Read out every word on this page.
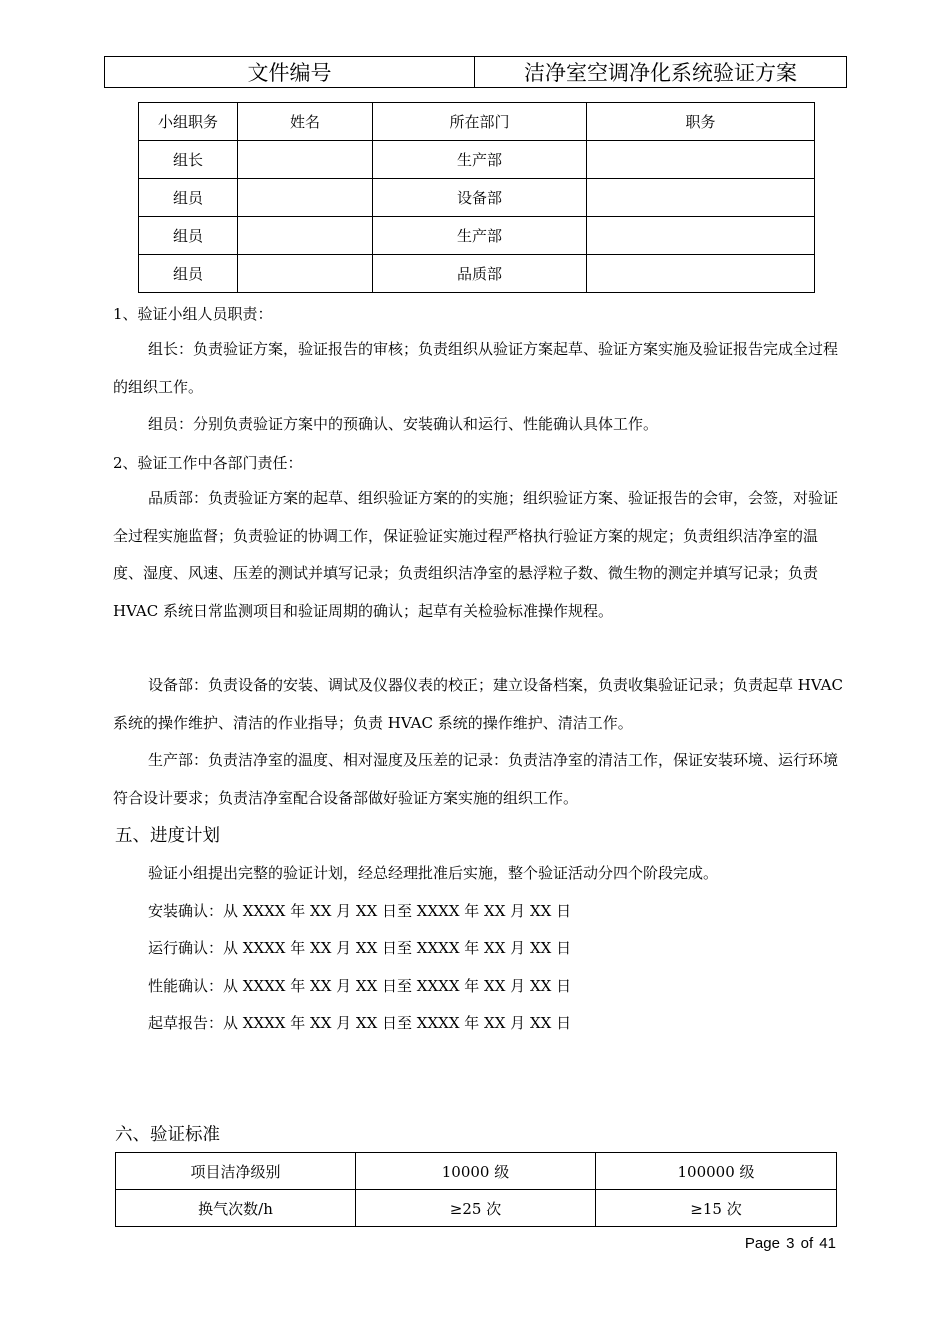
文件编号	洁净室空调净化系统验证方案
小组职务	姓名	所在部门	职务
组长		生产部	
组员		设备部	
组员		生产部	
组员		品质部	
1、验证小组人员职责：
组长：负责验证方案，验证报告的审核；负责组织从验证方案起草、验证方案实施及验证报告完成全过程的组织工作。
组员：分别负责验证方案中的预确认、安装确认和运行、性能确认具体工作。
2、验证工作中各部门责任：
品质部：负责验证方案的起草、组织验证方案的的实施；组织验证方案、验证报告的会审，会签，对验证全过程实施监督；负责验证的协调工作，保证验证实施过程严格执行验证方案的规定；负责组织洁净室的温度、湿度、风速、压差的测试并填写记录；负责组织洁净室的悬浮粒子数、微生物的测定并填写记录；负责 HVAC 系统日常监测项目和验证周期的确认；起草有关检验标准操作规程。
设备部：负责设备的安装、调试及仪器仪表的校正；建立设备档案，负责收集验证记录；负责起草 HVAC 系统的操作维护、清洁的作业指导；负责 HVAC 系统的操作维护、清洁工作。
生产部：负责洁净室的温度、相对湿度及压差的记录：负责洁净室的清洁工作，保证安装环境、运行环境符合设计要求；负责洁净室配合设备部做好验证方案实施的组织工作。
五、进度计划
验证小组提出完整的验证计划，经总经理批准后实施，整个验证活动分四个阶段完成。
安装确认：从 XXXX 年 XX 月 XX 日至 XXXX 年 XX 月 XX 日
运行确认：从 XXXX 年 XX 月 XX 日至 XXXX 年 XX 月 XX 日
性能确认：从 XXXX 年 XX 月 XX 日至 XXXX 年 XX 月 XX 日
起草报告：从 XXXX 年 XX 月 XX 日至 XXXX 年 XX 月 XX 日
六、验证标准
项目洁净级别	10000 级	100000 级
换气次数/h	≥25 次	≥15 次
Page 3 of 41
